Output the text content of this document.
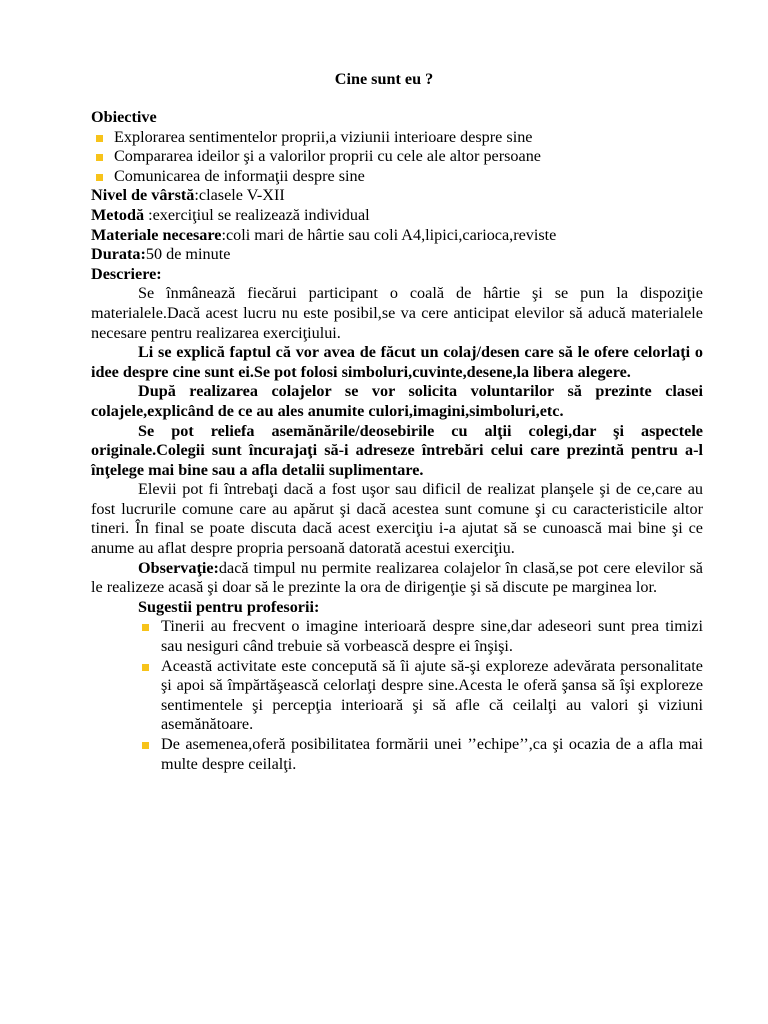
Cine sunt eu ?
Obiective
Explorarea sentimentelor proprii,a viziunii interioare despre sine
Compararea ideilor şi a valorilor proprii cu cele ale altor persoane
Comunicarea de informaţii despre sine
Nivel de vârstă:clasele V-XII
Metodă :exerciţiul se realizează individual
Materiale necesare:coli mari de hârtie sau coli A4,lipici,carioca,reviste
Durata:50 de minute
Descriere:
Se înmânează fiecărui participant o coală de hârtie şi se pun la dispoziţie materialele.Dacă acest lucru nu este posibil,se va cere anticipat elevilor să aducă materialele necesare pentru realizarea exerciţiului.
Li se explică faptul că vor avea de făcut un colaj/desen care să le ofere celorlaţi o idee despre cine sunt ei.Se pot folosi simboluri,cuvinte,desene,la libera alegere.
După realizarea colajelor se vor solicita voluntarilor să prezinte clasei colajele,explicând de ce au ales anumite culori,imagini,simboluri,etc.
Se pot reliefa asemănările/deosebirile cu alţii colegi,dar şi aspectele originale.Colegii sunt încurajaţi să-i adreseze întrebări celui care prezintă pentru a-l înţelege mai bine sau a afla detalii suplimentare.
Elevii pot fi întrebaţi dacă a fost uşor sau dificil de realizat planşele şi de ce,care au fost lucrurile comune care au apărut şi dacă acestea sunt comune şi cu caracteristicile altor tineri. În final se poate discuta dacă acest exerciţiu i-a ajutat să se cunoască mai bine şi ce anume au aflat despre propria persoană datorată acestui exerciţiu.
Observaţie:dacă timpul nu permite realizarea colajelor în clasă,se pot cere elevilor să le realizeze acasă şi doar să le prezinte la ora de dirigenţie şi să discute pe marginea lor.
Sugestii pentru profesorii:
Tinerii au frecvent o imagine interioară despre sine,dar adeseori sunt prea timizi sau nesiguri când trebuie să vorbească despre ei înşişi.
Această activitate este concepută să îi ajute să-şi exploreze adevărata personalitate şi apoi să împărtăşească celorlaţi despre sine.Acesta le oferă şansa să îşi exploreze sentimentele şi percepţia interioară şi să afle că ceilalţi au valori şi viziuni asemănătoare.
De asemenea,oferă posibilitatea formării unei ’’echipe’’,ca şi ocazia de a afla mai multe despre ceilalţi.
